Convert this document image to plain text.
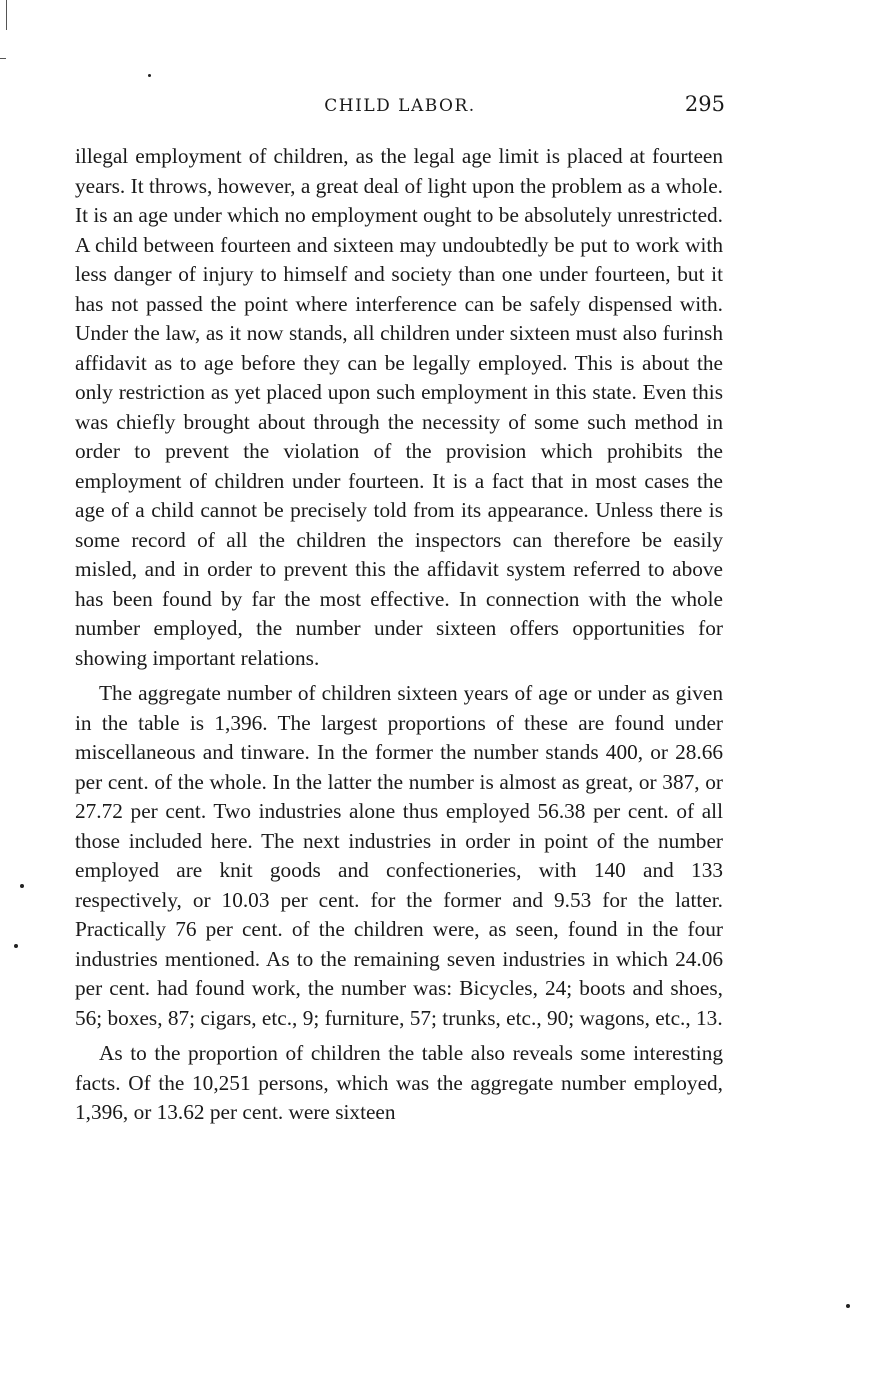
CHILD LABOR.	295

illegal employment of children, as the legal age limit is placed at fourteen years. It throws, however, a great deal of light upon the problem as a whole. It is an age under which no employment ought to be absolutely unrestricted. A child between fourteen and sixteen may undoubtedly be put to work with less danger of injury to himself and society than one under fourteen, but it has not passed the point where interference can be safely dispensed with. Under the law, as it now stands, all children under sixteen must also furinsh affidavit as to age before they can be legally employed. This is about the only restriction as yet placed upon such employment in this state. Even this was chiefly brought about through the necessity of some such method in order to prevent the violation of the provision which prohibits the employment of children under fourteen. It is a fact that in most cases the age of a child cannot be precisely told from its appearance. Unless there is some record of all the children the inspectors can therefore be easily misled, and in order to prevent this the affidavit system referred to above has been found by far the most effective. In connection with the whole number employed, the number under sixteen offers opportunities for showing important relations.

The aggregate number of children sixteen years of age or under as given in the table is 1,396. The largest proportions of these are found under miscellaneous and tinware. In the former the number stands 400, or 28.66 per cent. of the whole. In the latter the number is almost as great, or 387, or 27.72 per cent. Two industries alone thus employed 56.38 per cent. of all those included here. The next industries in order in point of the number employed are knit goods and confectioneries, with 140 and 133 respectively, or 10.03 per cent. for the former and 9.53 for the latter. Practically 76 per cent. of the children were, as seen, found in the four industries mentioned. As to the remaining seven industries in which 24.06 per cent. had found work, the number was: Bicycles, 24; boots and shoes, 56; boxes, 87; cigars, etc., 9; furniture, 57; trunks, etc., 90; wagons, etc., 13.

As to the proportion of children the table also reveals some interesting facts. Of the 10,251 persons, which was the aggregate number employed, 1,396, or 13.62 per cent. were sixteen
